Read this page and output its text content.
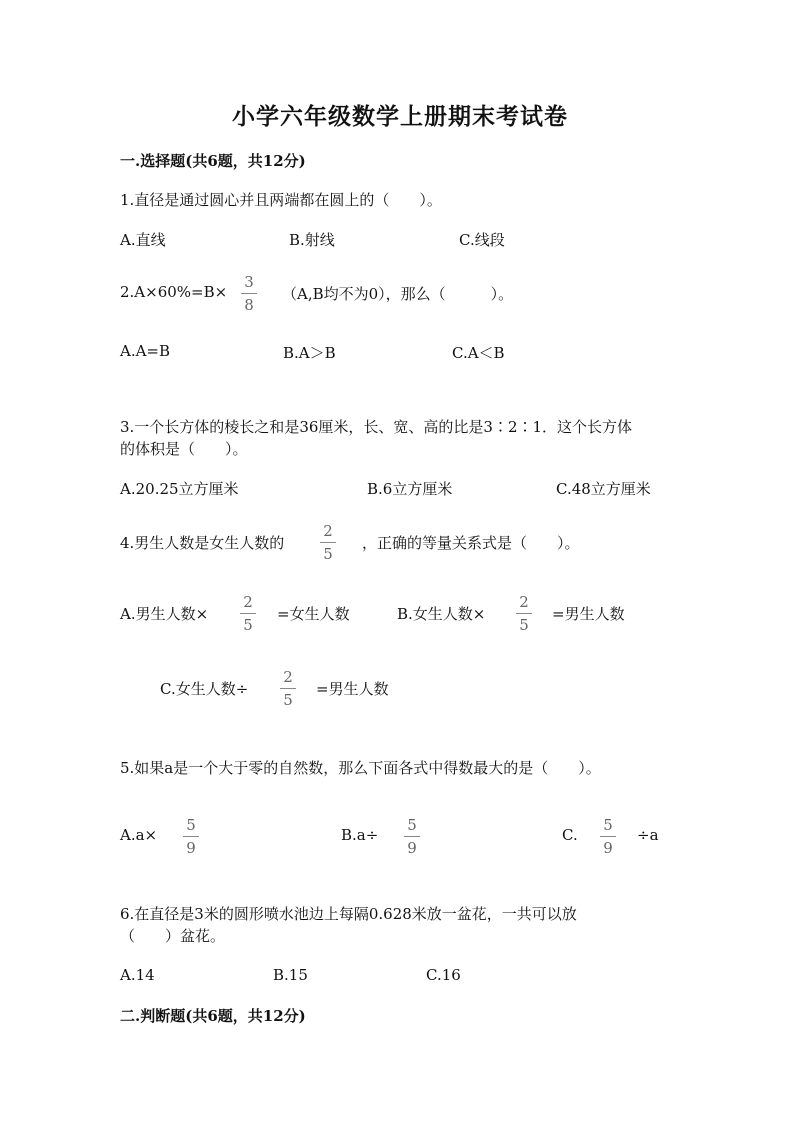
小学六年级数学上册期末考试卷
一.选择题(共6题，共12分)
1.直径是通过圆心并且两端都在圆上的（　　）。
A.直线	B.射线	C.线段
2.A×60%=B×
3
8
（A,B均不为0），那么（　　　）。
A.A=B	B.A＞B	C.A＜B
3.一个长方体的棱长之和是36厘米，长、宽、高的比是3∶2∶1．这个长方体
的体积是（　　）。
A.20.25立方厘米	B.6立方厘米	C.48立方厘米
4.男生人数是女生人数的
2
5
，正确的等量关系式是（　　）。
A.男生人数×
2
5
=女生人数	B.女生人数×
2
5
=男生人数
C.女生人数÷
2
5
=男生人数
5.如果a是一个大于零的自然数，那么下面各式中得数最大的是（　　）。
A.a×
5
9
B.a÷
5
9
C.
5
9
÷a
6.在直径是3米的圆形喷水池边上每隔0.628米放一盆花，一共可以放
（　　）盆花。
A.14	B.15	C.16
二.判断题(共6题，共12分)
